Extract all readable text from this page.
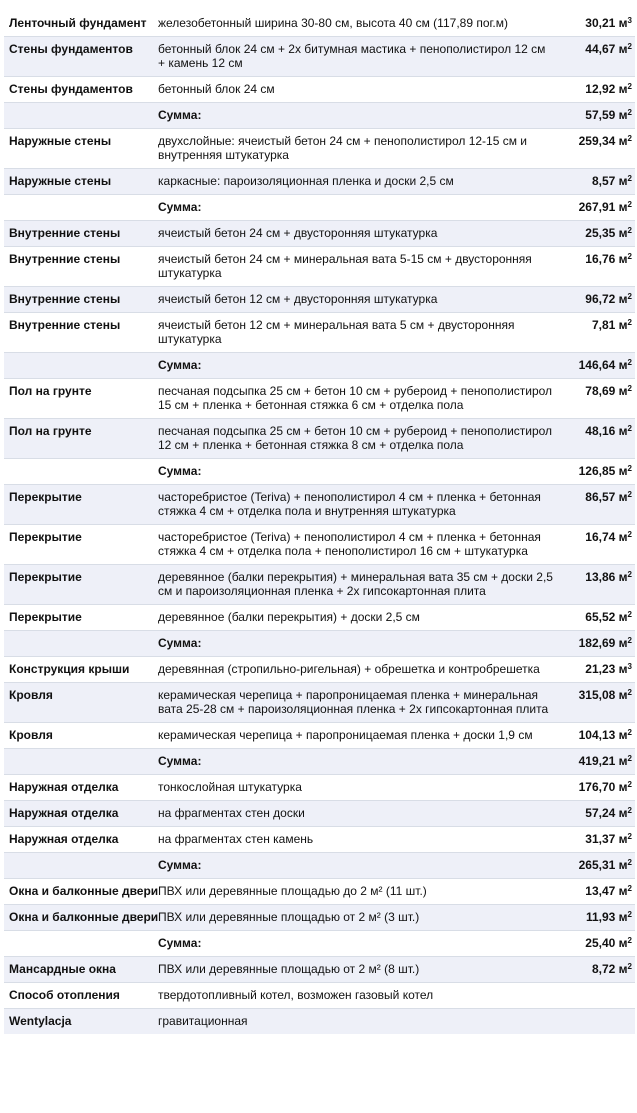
Ленточный фундамент	железобетонный ширина 30-80 см, высота 40 см (117,89 пог.м)	30,21 $м^3$
Стены фундаментов	бетонный блок 24 см + 2х битумная мастика + пенополистирол 12 см + камень 12 см	44,67 $м^2$
Стены фундаментов	бетонный блок 24 см	12,92 $м^2$
	Сумма:	57,59 $м^2$
Наружные стены	двухслойные: ячеистый бетон 24 см + пенополистирол 12-15 см и внутренняя штукатурка	259,34 $м^2$
Наружные стены	каркасные: пароизоляционная пленка и доски 2,5 см	8,57 $м^2$
	Сумма:	267,91 $м^2$
Внутренние стены	ячеистый бетон 24 см + двусторонняя штукатурка	25,35 $м^2$
Внутренние стены	ячеистый бетон 24 см + минеральная вата 5-15 см + двусторонняя штукатурка	16,76 $м^2$
Внутренние стены	ячеистый бетон 12 см + двусторонняя штукатурка	96,72 $м^2$
Внутренние стены	ячеистый бетон 12 см + минеральная вата 5 см + двусторонняя штукатурка	7,81 $м^2$
	Сумма:	146,64 $м^2$
Пол на грунте	песчаная подсыпка 25 см + бетон 10 см + рубероид + пенополистирол 15 см + пленка + бетонная стяжка 6 см + отделка пола	78,69 $м^2$
Пол на грунте	песчаная подсыпка 25 см + бетон 10 см + рубероид + пенополистирол 12 см + пленка + бетонная стяжка 8 см + отделка пола	48,16 $м^2$
	Сумма:	126,85 $м^2$
Перекрытие	часторебристое (Teriva) + пенополистирол 4 см + пленка + бетонная стяжка 4 см + отделка пола и внутренняя штукатурка	86,57 $м^2$
Перекрытие	часторебристое (Teriva) + пенополистирол 4 см + пленка + бетонная стяжка 4 см + отделка пола + пенополистирол 16 см + штукатурка	16,74 $м^2$
Перекрытие	деревянное (балки перекрытия) + минеральная вата 35 см + доски 2,5 см и пароизоляционная пленка + 2х гипсокартонная плита	13,86 $м^2$
Перекрытие	деревянное (балки перекрытия) + доски 2,5 см	65,52 $м^2$
	Сумма:	182,69 $м^2$
Конструкция крыши	деревянная (стропильно-ригельная) + обрешетка и контробрешетка	21,23 $м^3$
Кровля	керамическая черепица + паропроницаемая пленка + минеральная вата 25-28 см + пароизоляционная пленка + 2х гипсокартонная плита	315,08 $м^2$
Кровля	керамическая черепица + паропроницаемая пленка + доски 1,9 см	104,13 $м^2$
	Сумма:	419,21 $м^2$
Наружная отделка	тонкослойная штукатурка	176,70 $м^2$
Наружная отделка	на фрагментах стен доски	57,24 $м^2$
Наружная отделка	на фрагментах стен камень	31,37 $м^2$
	Сумма:	265,31 $м^2$
Окна и балконные двери	ПВХ или деревянные площадью до 2 м² (11 шт.)	13,47 $м^2$
Окна и балконные двери	ПВХ или деревянные площадью от 2 м² (3 шт.)	11,93 $м^2$
	Сумма:	25,40 $м^2$
Мансардные окна	ПВХ или деревянные площадью от 2 м² (8 шт.)	8,72 $м^2$
Способ отопления	твердотопливный котел, возможен газовый котел	
Wentylacja	гравитационная	
